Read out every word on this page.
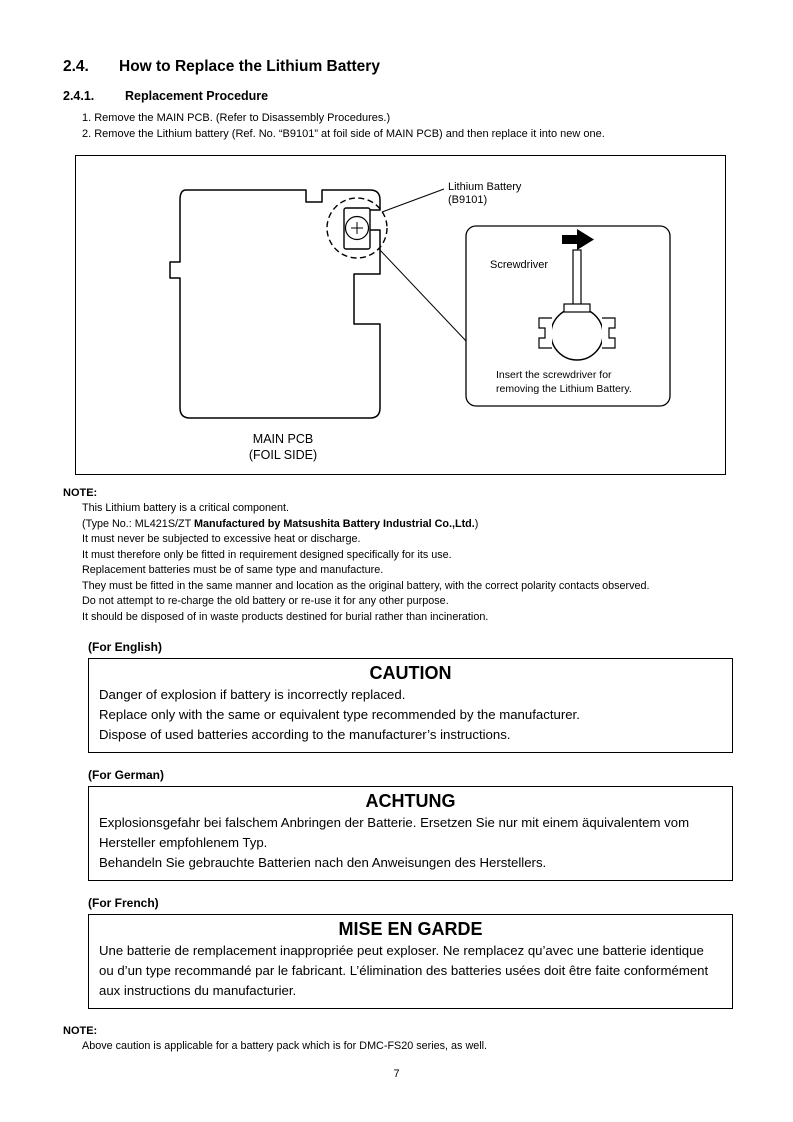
2.4.	How to Replace the Lithium Battery
2.4.1.	Replacement Procedure
1. Remove the MAIN PCB. (Refer to Disassembly Procedures.)
2. Remove the Lithium battery (Ref. No. “B9101” at foil side of MAIN PCB) and then replace it into new one.
Lithium Battery
(B9101)
Screwdriver
Insert the screwdriver for
removing the Lithium Battery.
MAIN PCB
(FOIL SIDE)
NOTE:
This Lithium battery is a critical component.
(Type No.: ML421S/ZT Manufactured by Matsushita Battery Industrial Co.,Ltd.)
It must never be subjected to excessive heat or discharge.
It must therefore only be fitted in requirement designed specifically for its use.
Replacement batteries must be of same type and manufacture.
They must be fitted in the same manner and location as the original battery, with the correct polarity contacts observed.
Do not attempt to re-charge the old battery or re-use it for any other purpose.
It should be disposed of in waste products destined for burial rather than incineration.
(For English)
CAUTION
Danger of explosion if battery is incorrectly replaced.
Replace only with the same or equivalent type recommended by the manufacturer.
Dispose of used batteries according to the manufacturer’s instructions.
(For German)
ACHTUNG
Explosionsgefahr bei falschem Anbringen der Batterie. Ersetzen Sie nur mit einem äquivalentem vom Hersteller empfohlenem Typ.
Behandeln Sie gebrauchte Batterien nach den Anweisungen des Herstellers.
(For French)
MISE EN GARDE
Une batterie de remplacement inappropriée peut exploser. Ne remplacez qu’avec une batterie identique ou d’un type recommandé par le fabricant. L’élimination des batteries usées doit être faite conformément aux instructions du manufacturier.
NOTE:
Above caution is applicable for a battery pack which is for DMC-FS20 series, as well.
7
